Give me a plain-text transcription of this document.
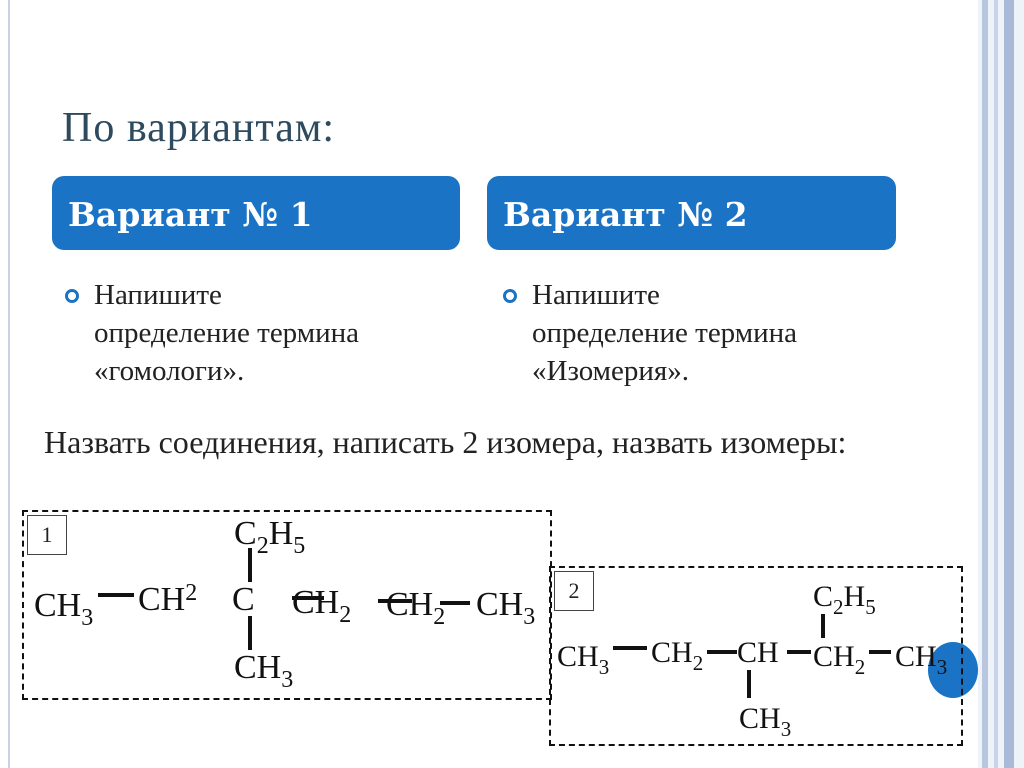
По вариантам:
Вариант № 1	Вариант № 2
Напишите
определение термина
«гомологи».
Напишите
определение термина
«Изомерия».
Назвать соединения, написать 2 изомера, назвать изомеры:
$CH_3$ $CH^2$ C $CH_2$ $CH_2$ $CH_3$
$C_2H_5$
$CH_3$
1
$CH_3$ $CH_2$ CH $CH_2$ $CH_3$
$C_2H_5$
$CH_3$
2
